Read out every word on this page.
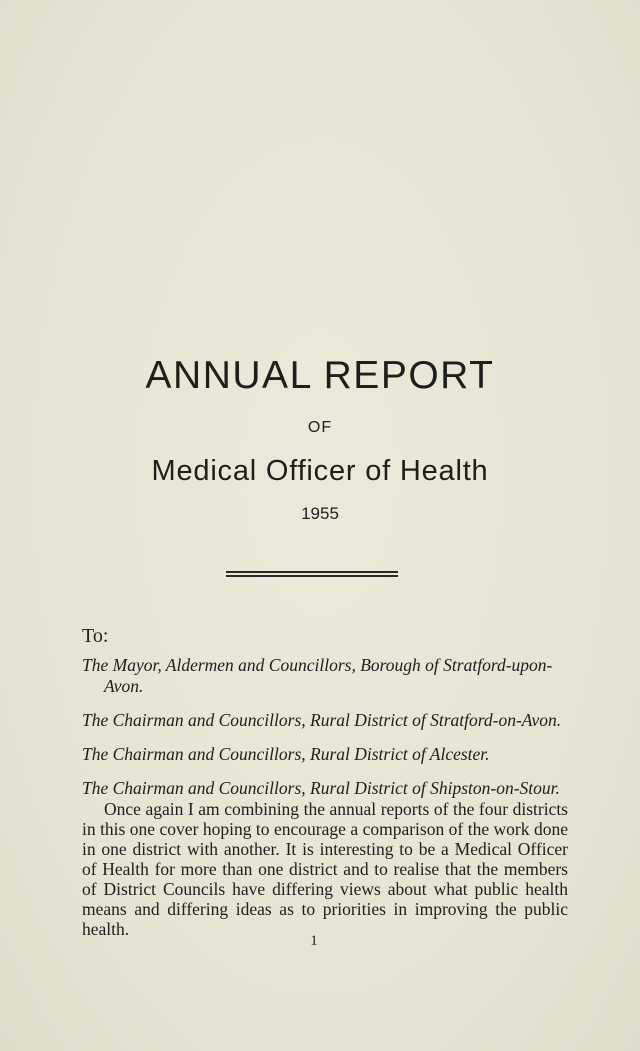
ANNUAL REPORT
OF
Medical Officer of Health
1955
To:
The Mayor, Aldermen and Councillors, Borough of Stratford-upon-Avon.
The Chairman and Councillors, Rural District of Stratford-on-Avon.
The Chairman and Councillors, Rural District of Alcester.
The Chairman and Councillors, Rural District of Shipston-on-Stour.

Once again I am combining the annual reports of the four districts in this one cover hoping to encourage a comparison of the work done in one district with another. It is interesting to be a Medical Officer of Health for more than one district and to realise that the members of District Councils have differing views about what public health means and differing ideas as to priorities in improving the public health.

1
